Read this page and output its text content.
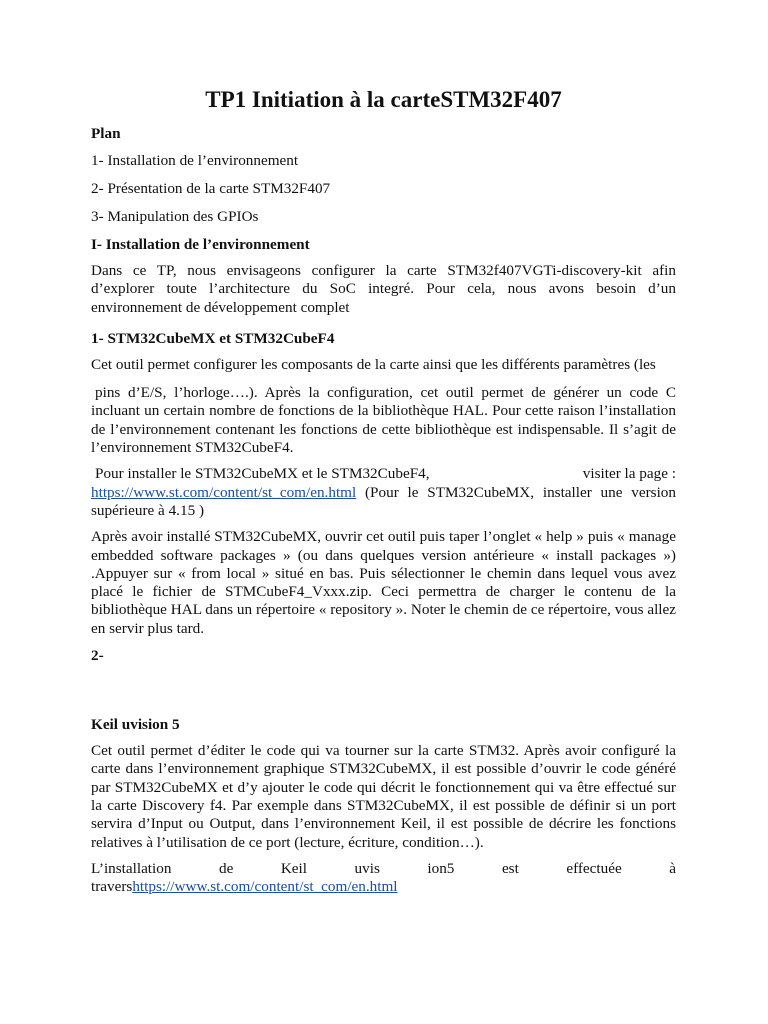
TP1 Initiation à la carteSTM32F407
Plan

1- Installation de l’environnement

2- Présentation de la carte STM32F407

3- Manipulation des GPIOs

I- Installation de l’environnement

Dans ce TP, nous envisageons configurer la carte STM32f407VGTi-discovery-kit afin d’explorer toute l’architecture du SoC integré. Pour cela, nous avons besoin d’un environnement de développement complet

1- STM32CubeMX et STM32CubeF4

Cet outil permet configurer les composants de la carte ainsi que les différents paramètres (les

pins d’E/S, l’horloge….). Après la configuration, cet outil permet de générer un code C incluant un certain nombre de fonctions de la bibliothèque HAL. Pour cette raison l’installation de l’environnement contenant les fonctions de cette bibliothèque est indispensable. Il s’agit de l’environnement STM32CubeF4.

Pour installer le STM32CubeMX et le STM32CubeF4,	visiter la page :
https://www.st.com/content/st_com/en.html (Pour le STM32CubeMX, installer une version supérieure à 4.15 )

Après avoir installé STM32CubeMX, ouvrir cet outil puis taper l’onglet « help » puis « manage embedded software packages » (ou dans quelques version antérieure « install packages ») .Appuyer sur « from local » situé en bas. Puis sélectionner le chemin dans lequel vous avez placé le fichier de STMCubeF4_Vxxx.zip. Ceci permettra de charger le contenu de la bibliothèque HAL dans un répertoire « repository ». Noter le chemin de ce répertoire, vous allez en servir plus tard.

2-
Keil uvision 5

Cet outil permet d’éditer le code qui va tourner sur la carte STM32. Après avoir configuré la carte dans l’environnement graphique STM32CubeMX, il est possible d’ouvrir le code généré par STM32CubeMX et d’y ajouter le code qui décrit le fonctionnement qui va être effectué sur la carte Discovery f4. Par exemple dans STM32CubeMX, il est possible de définir si un port servira d’Input ou Output, dans l’environnement Keil, il est possible de décrire les fonctions relatives à l’utilisation de ce port (lecture, écriture, condition…).

L’installation	de	Keil	uvis	ion5	est	effectuée	à
travershttps://www.st.com/content/st_com/en.html
